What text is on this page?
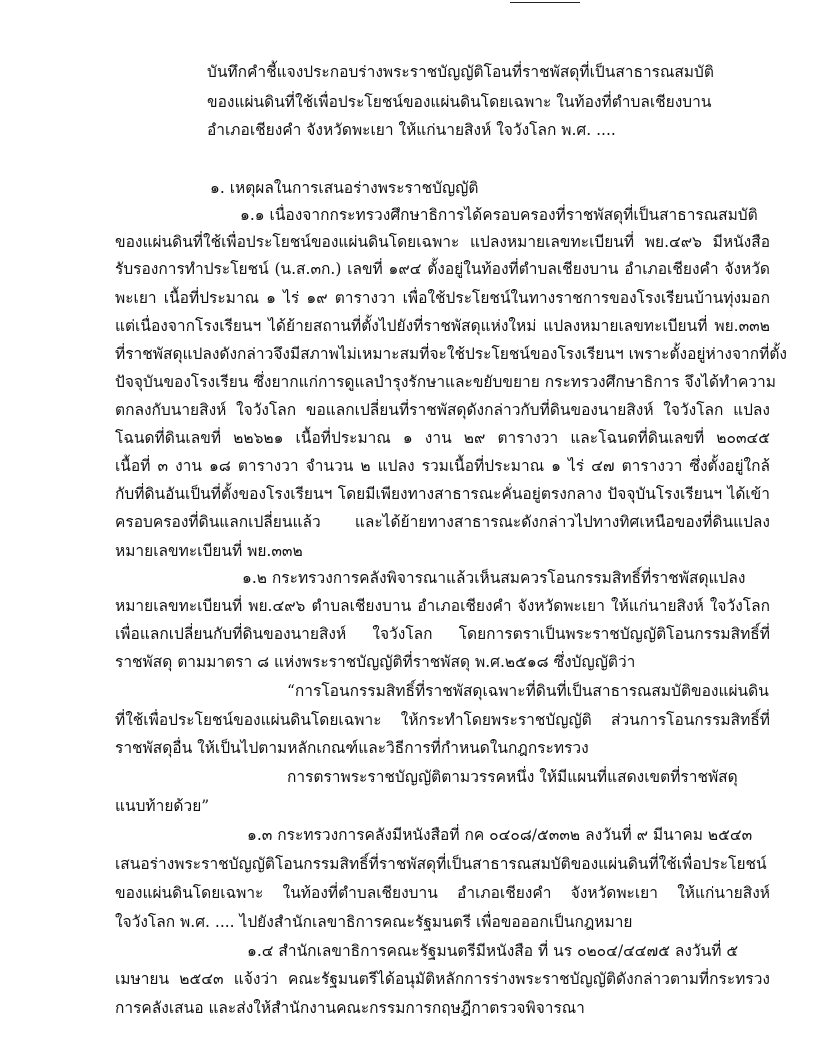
บันทึกคำชี้แจงประกอบร่างพระราชบัญญัติโอนที่ราชพัสดุที่เป็นสาธารณสมบัติ
ของแผ่นดินที่ใช้เพื่อประโยชน์ของแผ่นดินโดยเฉพาะ ในท้องที่ตำบลเชียงบาน
อำเภอเชียงคำ จังหวัดพะเยา ให้แก่นายสิงห์ ใจวังโลก พ.ศ. ....
๑. เหตุผลในการเสนอร่างพระราชบัญญัติ
๑.๑ เนื่องจากกระทรวงศึกษาธิการได้ครอบครองที่ราชพัสดุที่เป็นสาธารณสมบัติ
ของแผ่นดินที่ใช้เพื่อประโยชน์ของแผ่นดินโดยเฉพาะ แปลงหมายเลขทะเบียนที่ พย.๔๙๖ มีหนังสือ
รับรองการทำประโยชน์ (น.ส.๓ก.) เลขที่ ๑๙๔ ตั้งอยู่ในท้องที่ตำบลเชียงบาน อำเภอเชียงคำ จังหวัด
พะเยา เนื้อที่ประมาณ ๑ ไร่ ๑๙ ตารางวา เพื่อใช้ประโยชน์ในทางราชการของโรงเรียนบ้านทุ่งมอก
แต่เนื่องจากโรงเรียนฯ ได้ย้ายสถานที่ตั้งไปยังที่ราชพัสดุแห่งใหม่ แปลงหมายเลขทะเบียนที่ พย.๓๓๒
ที่ราชพัสดุแปลงดังกล่าวจึงมีสภาพไม่เหมาะสมที่จะใช้ประโยชน์ของโรงเรียนฯ เพราะตั้งอยู่ห่างจากที่ตั้ง
ปัจจุบันของโรงเรียน ซึ่งยากแก่การดูแลบำรุงรักษาและขยับขยาย กระทรวงศึกษาธิการ จึงได้ทำความ
ตกลงกับนายสิงห์ ใจวังโลก ขอแลกเปลี่ยนที่ราชพัสดุดังกล่าวกับที่ดินของนายสิงห์ ใจวังโลก แปลง
โฉนดที่ดินเลขที่ ๒๒๖๒๑ เนื้อที่ประมาณ ๑ งาน ๒๙ ตารางวา และโฉนดที่ดินเลขที่ ๒๐๓๔๕
เนื้อที่ ๓ งาน ๑๘ ตารางวา จำนวน ๒ แปลง รวมเนื้อที่ประมาณ ๑ ไร่ ๔๗ ตารางวา ซึ่งตั้งอยู่ใกล้
กับที่ดินอันเป็นที่ตั้งของโรงเรียนฯ โดยมีเพียงทางสาธารณะคั่นอยู่ตรงกลาง ปัจจุบันโรงเรียนฯ ได้เข้า
ครอบครองที่ดินแลกเปลี่ยนแล้ว และได้ย้ายทางสาธารณะดังกล่าวไปทางทิศเหนือของที่ดินแปลง
หมายเลขทะเบียนที่ พย.๓๓๒
๑.๒ กระทรวงการคลังพิจารณาแล้วเห็นสมควรโอนกรรมสิทธิ์ที่ราชพัสดุแปลง
หมายเลขทะเบียนที่ พย.๔๙๖ ตำบลเชียงบาน อำเภอเชียงคำ จังหวัดพะเยา ให้แก่นายสิงห์ ใจวังโลก
เพื่อแลกเปลี่ยนกับที่ดินของนายสิงห์ ใจวังโลก โดยการตราเป็นพระราชบัญญัติโอนกรรมสิทธิ์ที่
ราชพัสดุ ตามมาตรา ๘ แห่งพระราชบัญญัติที่ราชพัสดุ พ.ศ.๒๕๑๘ ซึ่งบัญญัติว่า
“การโอนกรรมสิทธิ์ที่ราชพัสดุเฉพาะที่ดินที่เป็นสาธารณสมบัติของแผ่นดิน
ที่ใช้เพื่อประโยชน์ของแผ่นดินโดยเฉพาะ ให้กระทำโดยพระราชบัญญัติ ส่วนการโอนกรรมสิทธิ์ที่
ราชพัสดุอื่น ให้เป็นไปตามหลักเกณฑ์และวิธีการที่กำหนดในกฎกระทรวง
การตราพระราชบัญญัติตามวรรคหนึ่ง ให้มีแผนที่แสดงเขตที่ราชพัสดุ
แนบท้ายด้วย”
๑.๓ กระทรวงการคลังมีหนังสือที่ กค ๐๔๐๘/๕๓๓๒ ลงวันที่ ๙ มีนาคม ๒๕๔๓
เสนอร่างพระราชบัญญัติโอนกรรมสิทธิ์ที่ราชพัสดุที่เป็นสาธารณสมบัติของแผ่นดินที่ใช้เพื่อประโยชน์
ของแผ่นดินโดยเฉพาะ ในท้องที่ตำบลเชียงบาน อำเภอเชียงคำ จังหวัดพะเยา ให้แก่นายสิงห์
ใจวังโลก พ.ศ. .... ไปยังสำนักเลขาธิการคณะรัฐมนตรี เพื่อขอออกเป็นกฎหมาย
๑.๔ สำนักเลขาธิการคณะรัฐมนตรีมีหนังสือ ที่ นร ๐๒๐๔/๔๔๗๕ ลงวันที่ ๕
เมษายน ๒๕๔๓ แจ้งว่า คณะรัฐมนตรีได้อนุมัติหลักการร่างพระราชบัญญัติดังกล่าวตามที่กระทรวง
การคลังเสนอ และส่งให้สำนักงานคณะกรรมการกฤษฎีกาตรวจพิจารณา
